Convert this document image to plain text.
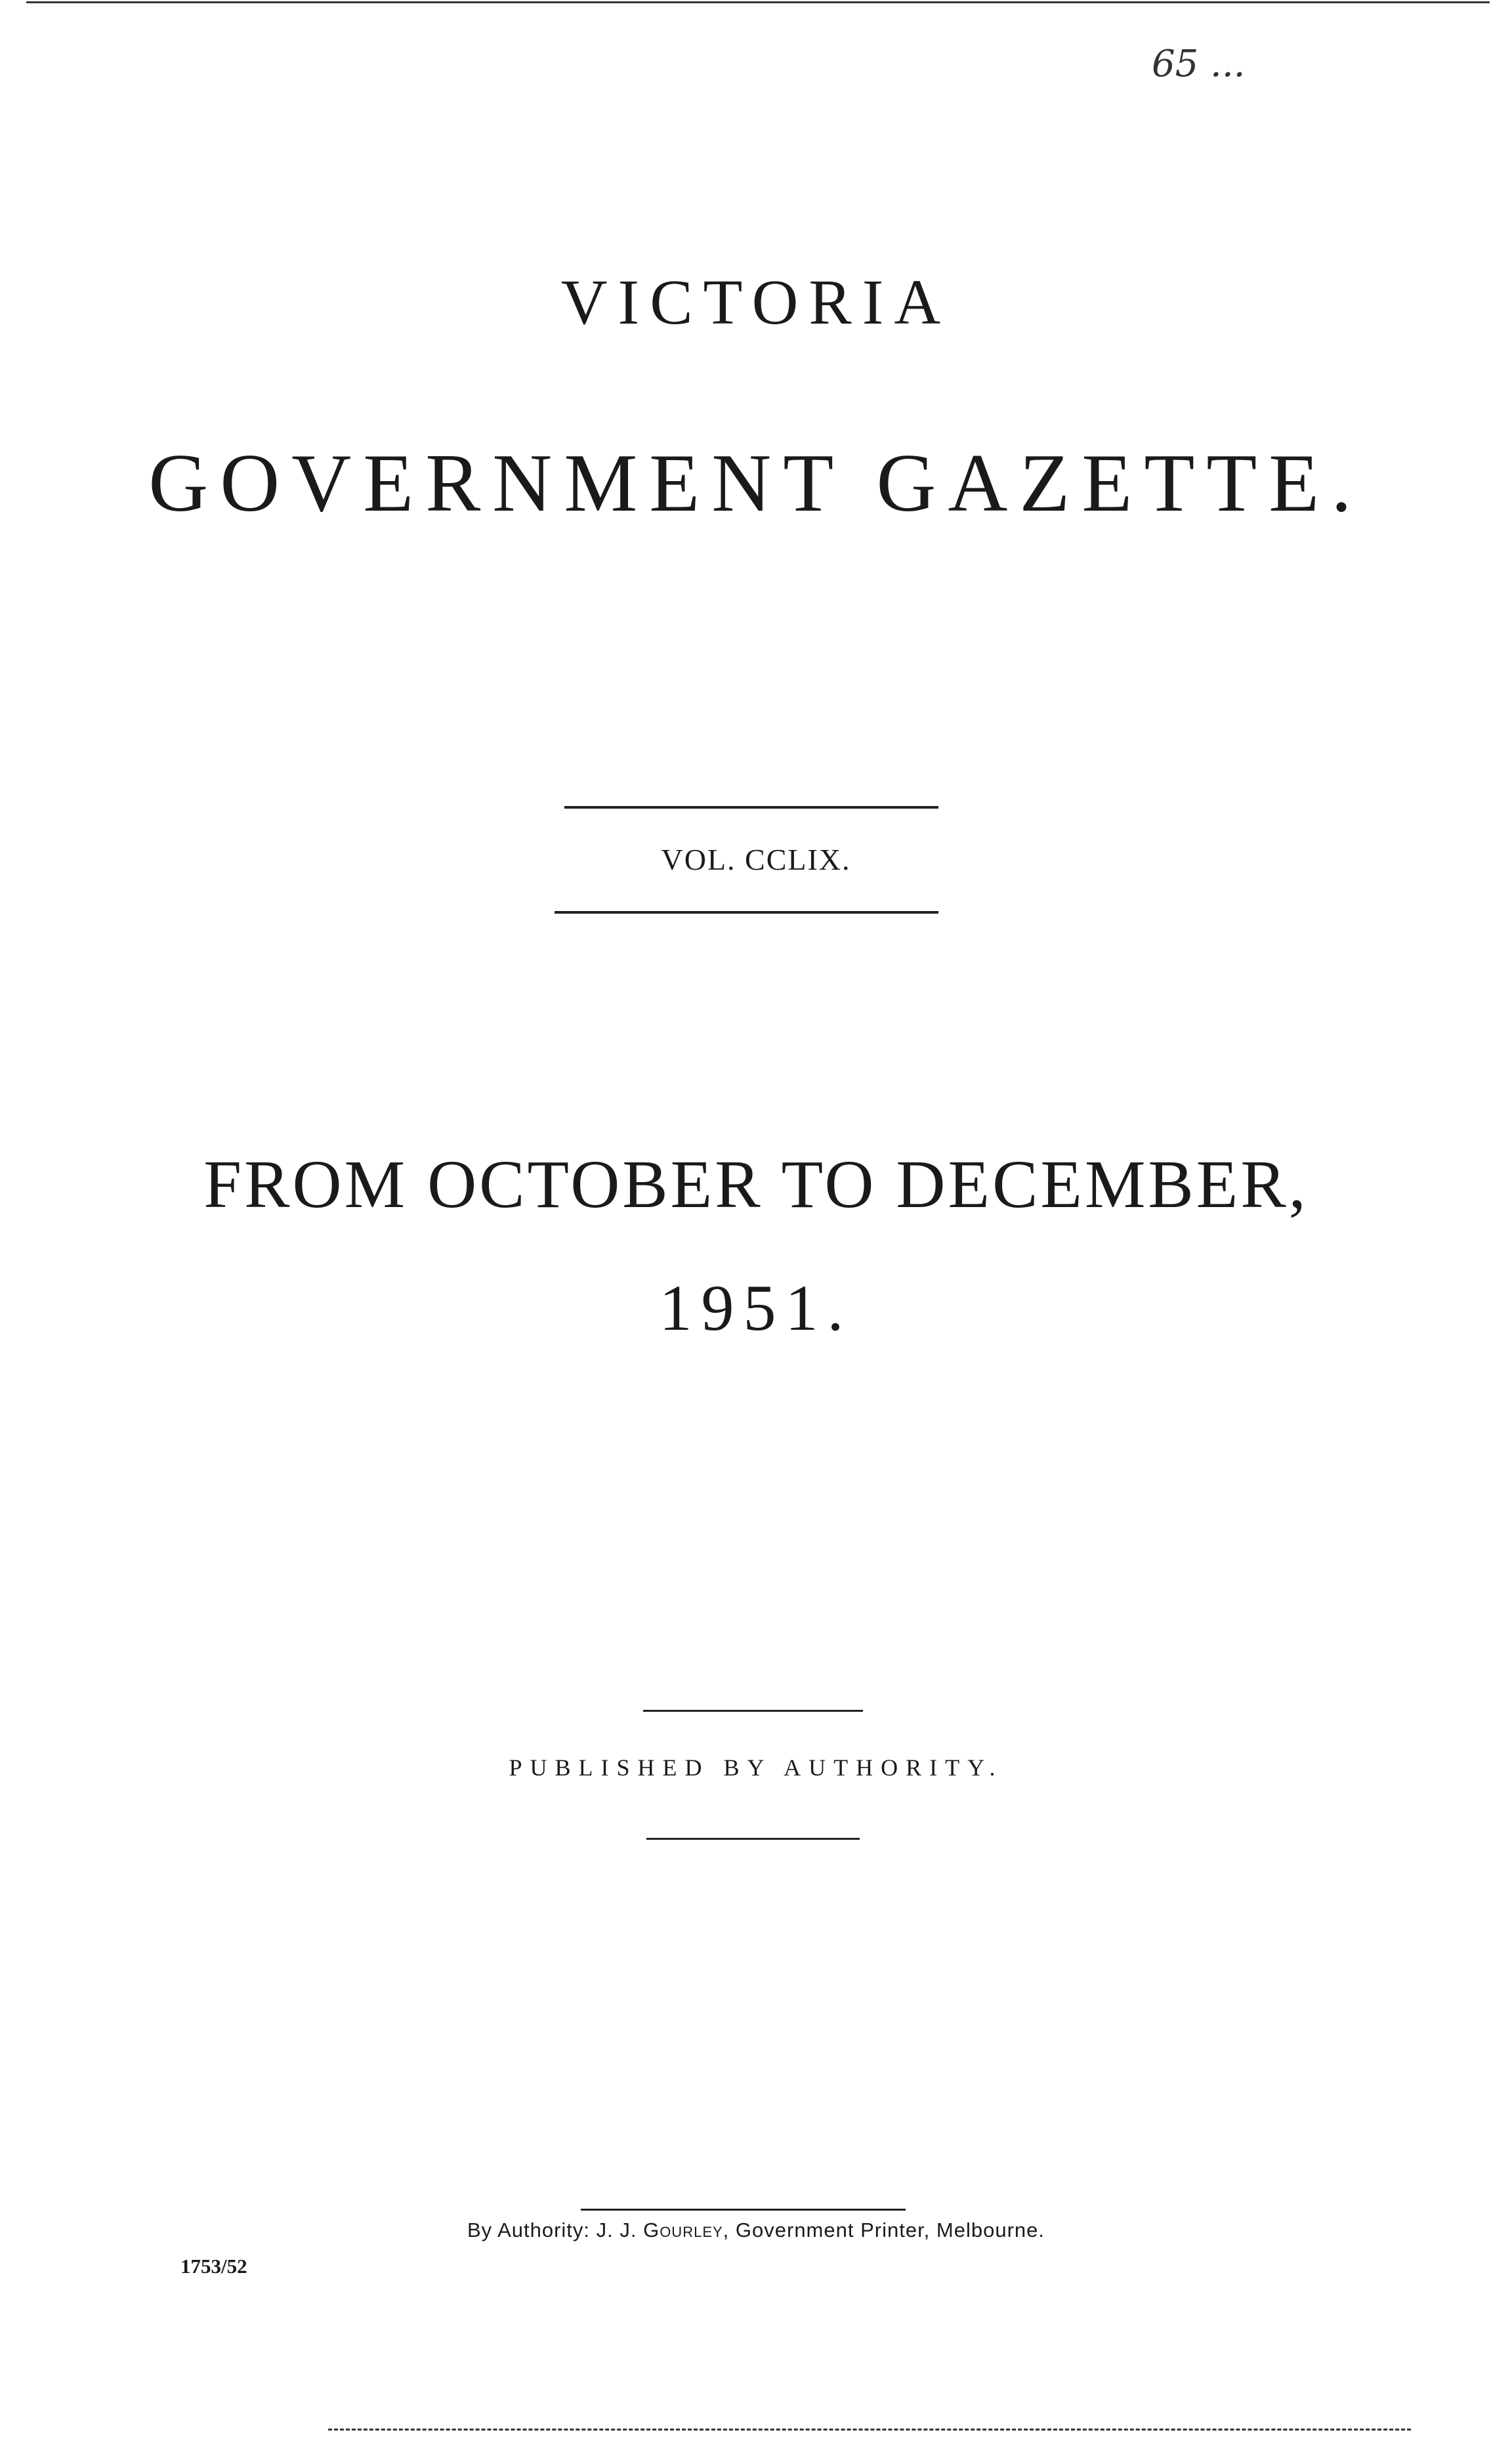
65 ...
VICTORIA
GOVERNMENT GAZETTE.
VOL. CCLIX.
FROM OCTOBER TO DECEMBER,
1951.
PUBLISHED BY AUTHORITY.
By Authority: J. J. Gourley, Government Printer, Melbourne.
1753/52
